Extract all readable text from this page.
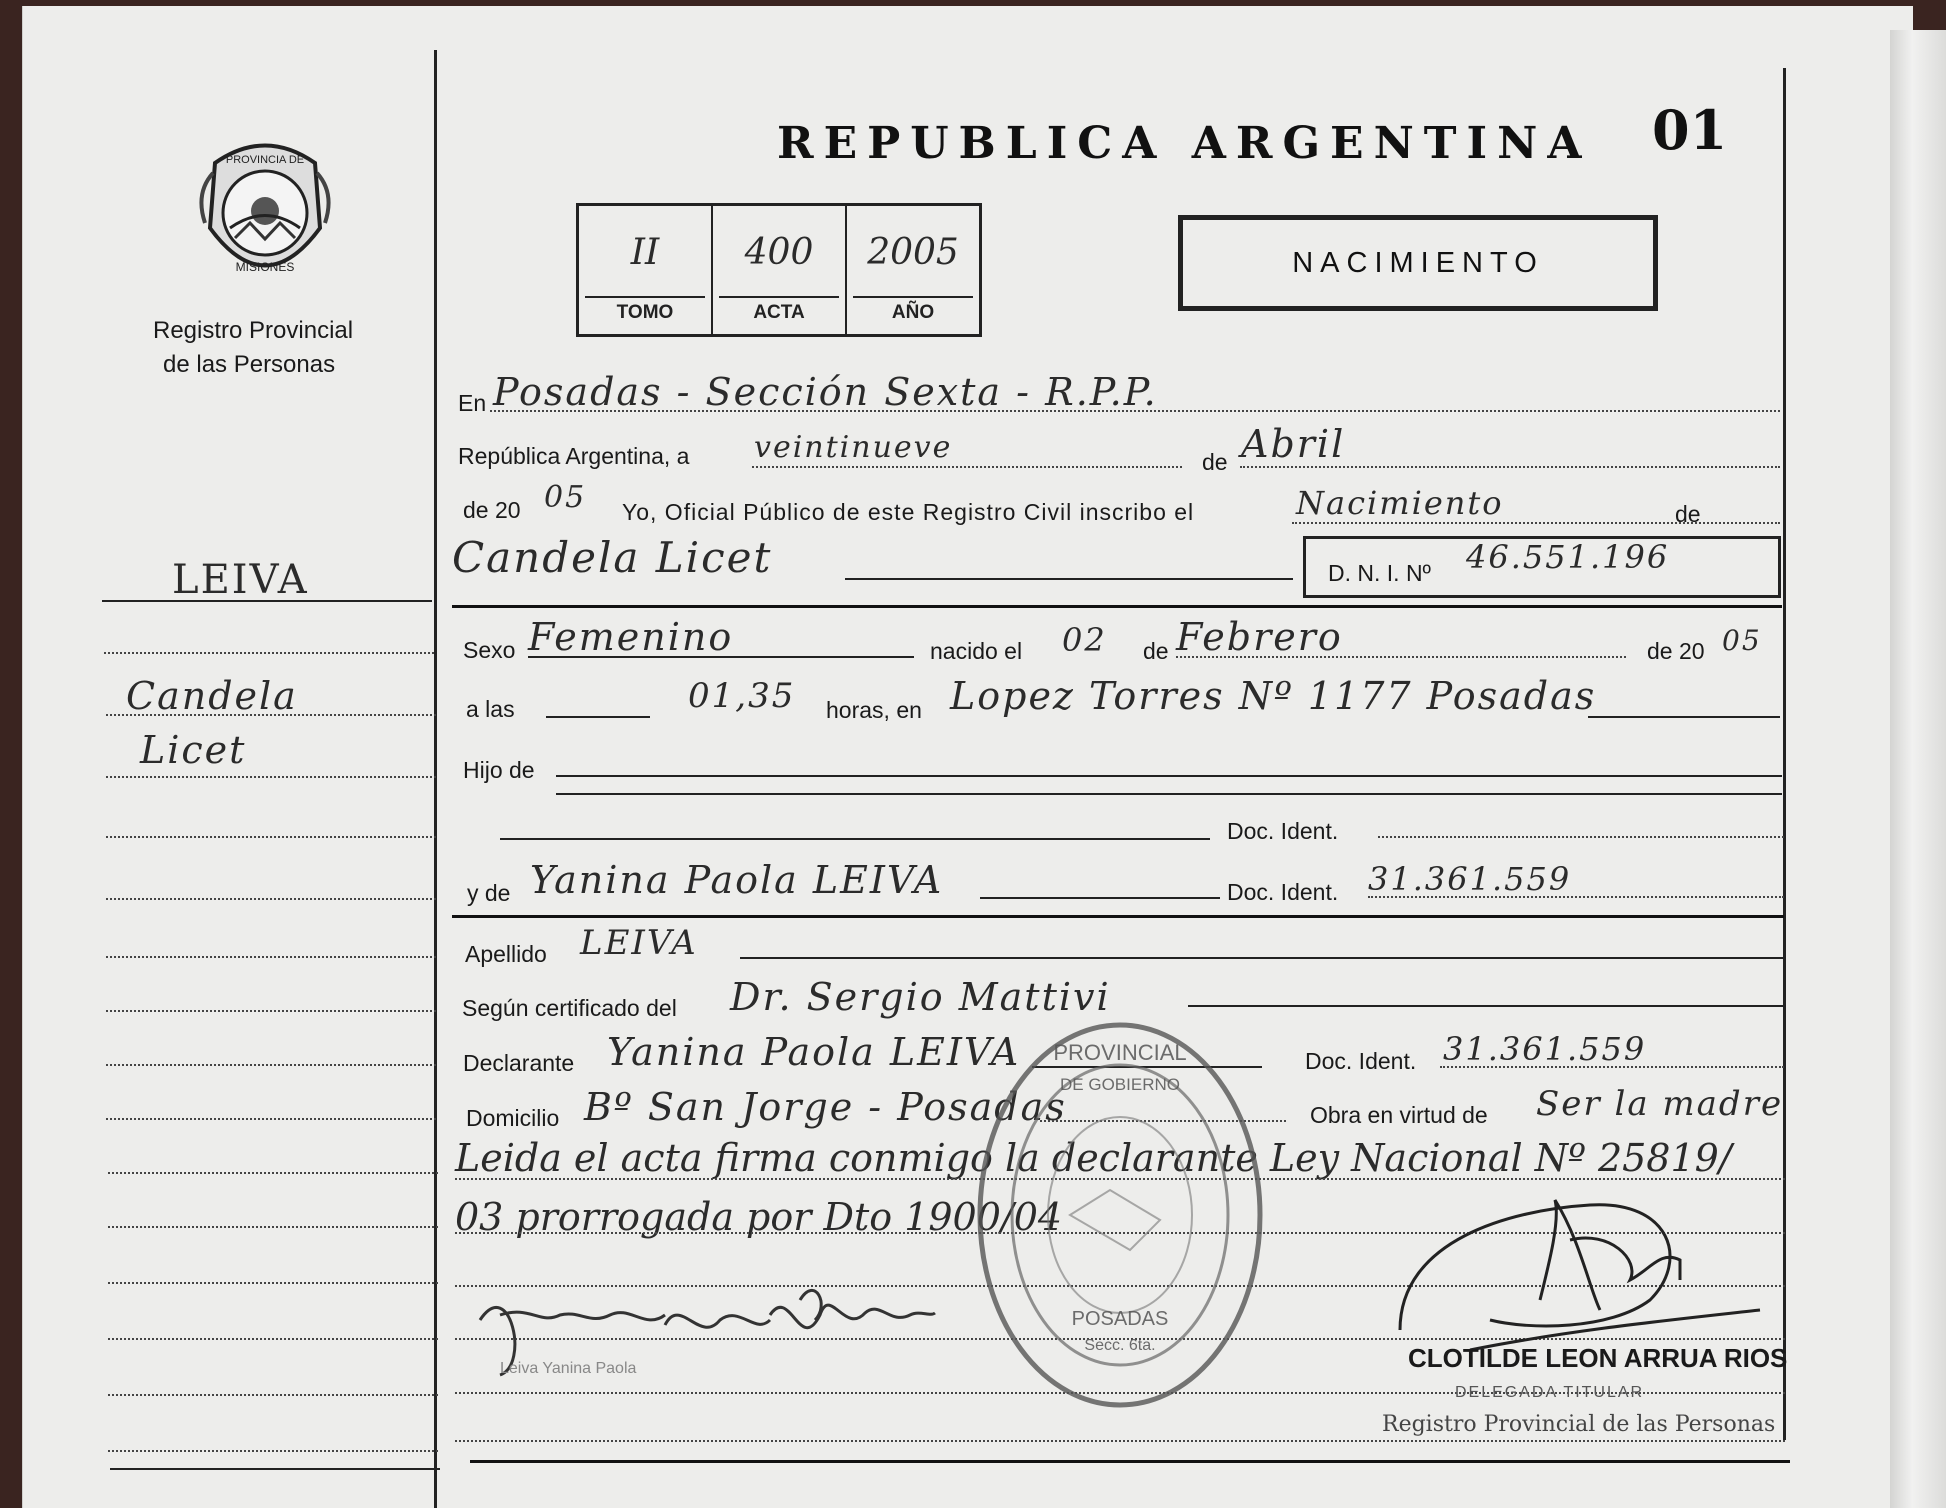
PROVINCIA DE
MISIONES
Registro Provincial
de las Personas
REPUBLICA ARGENTINA 01
II
TOMO
400
ACTA
2005
AÑO
NACIMIENTO
LEIVA
Candela
Licet
En Posadas - Sección Sexta - R.P.P.
República Argentina, a veintinueve	de Abril
de 20 05 Yo, Oficial Público de este Registro Civil inscribo el	Nacimiento	de
Candela Licet	D. N. I. Nº 46.551.196
Sexo Femenino	nacido el 02 de Febrero	de 20 05
a las	01,35 horas, en Lopez Torres Nº 1177 Posadas
Hijo de
Doc. Ident.
y de Yanina Paola LEIVA	Doc. Ident. 31.361.559
Apellido LEIVA
Según certificado del Dr. Sergio Mattivi
Declarante Yanina Paola LEIVA	Doc. Ident. 31.361.559
Domicilio Bº San Jorge - Posadas	Obra en virtud de Ser la madre
Leida el acta firma conmigo la declarante Ley Nacional Nº 25819/
03 prorrogada por Dto 1900/04
Leiva Yanina Paola
PROVINCIAL
DE GOBIERNO
POSADAS
Secc. 6ta.	CLOTILDE LEON ARRUA RIOS
DELEGADA TITULAR
Registro Provincial de las Personas
